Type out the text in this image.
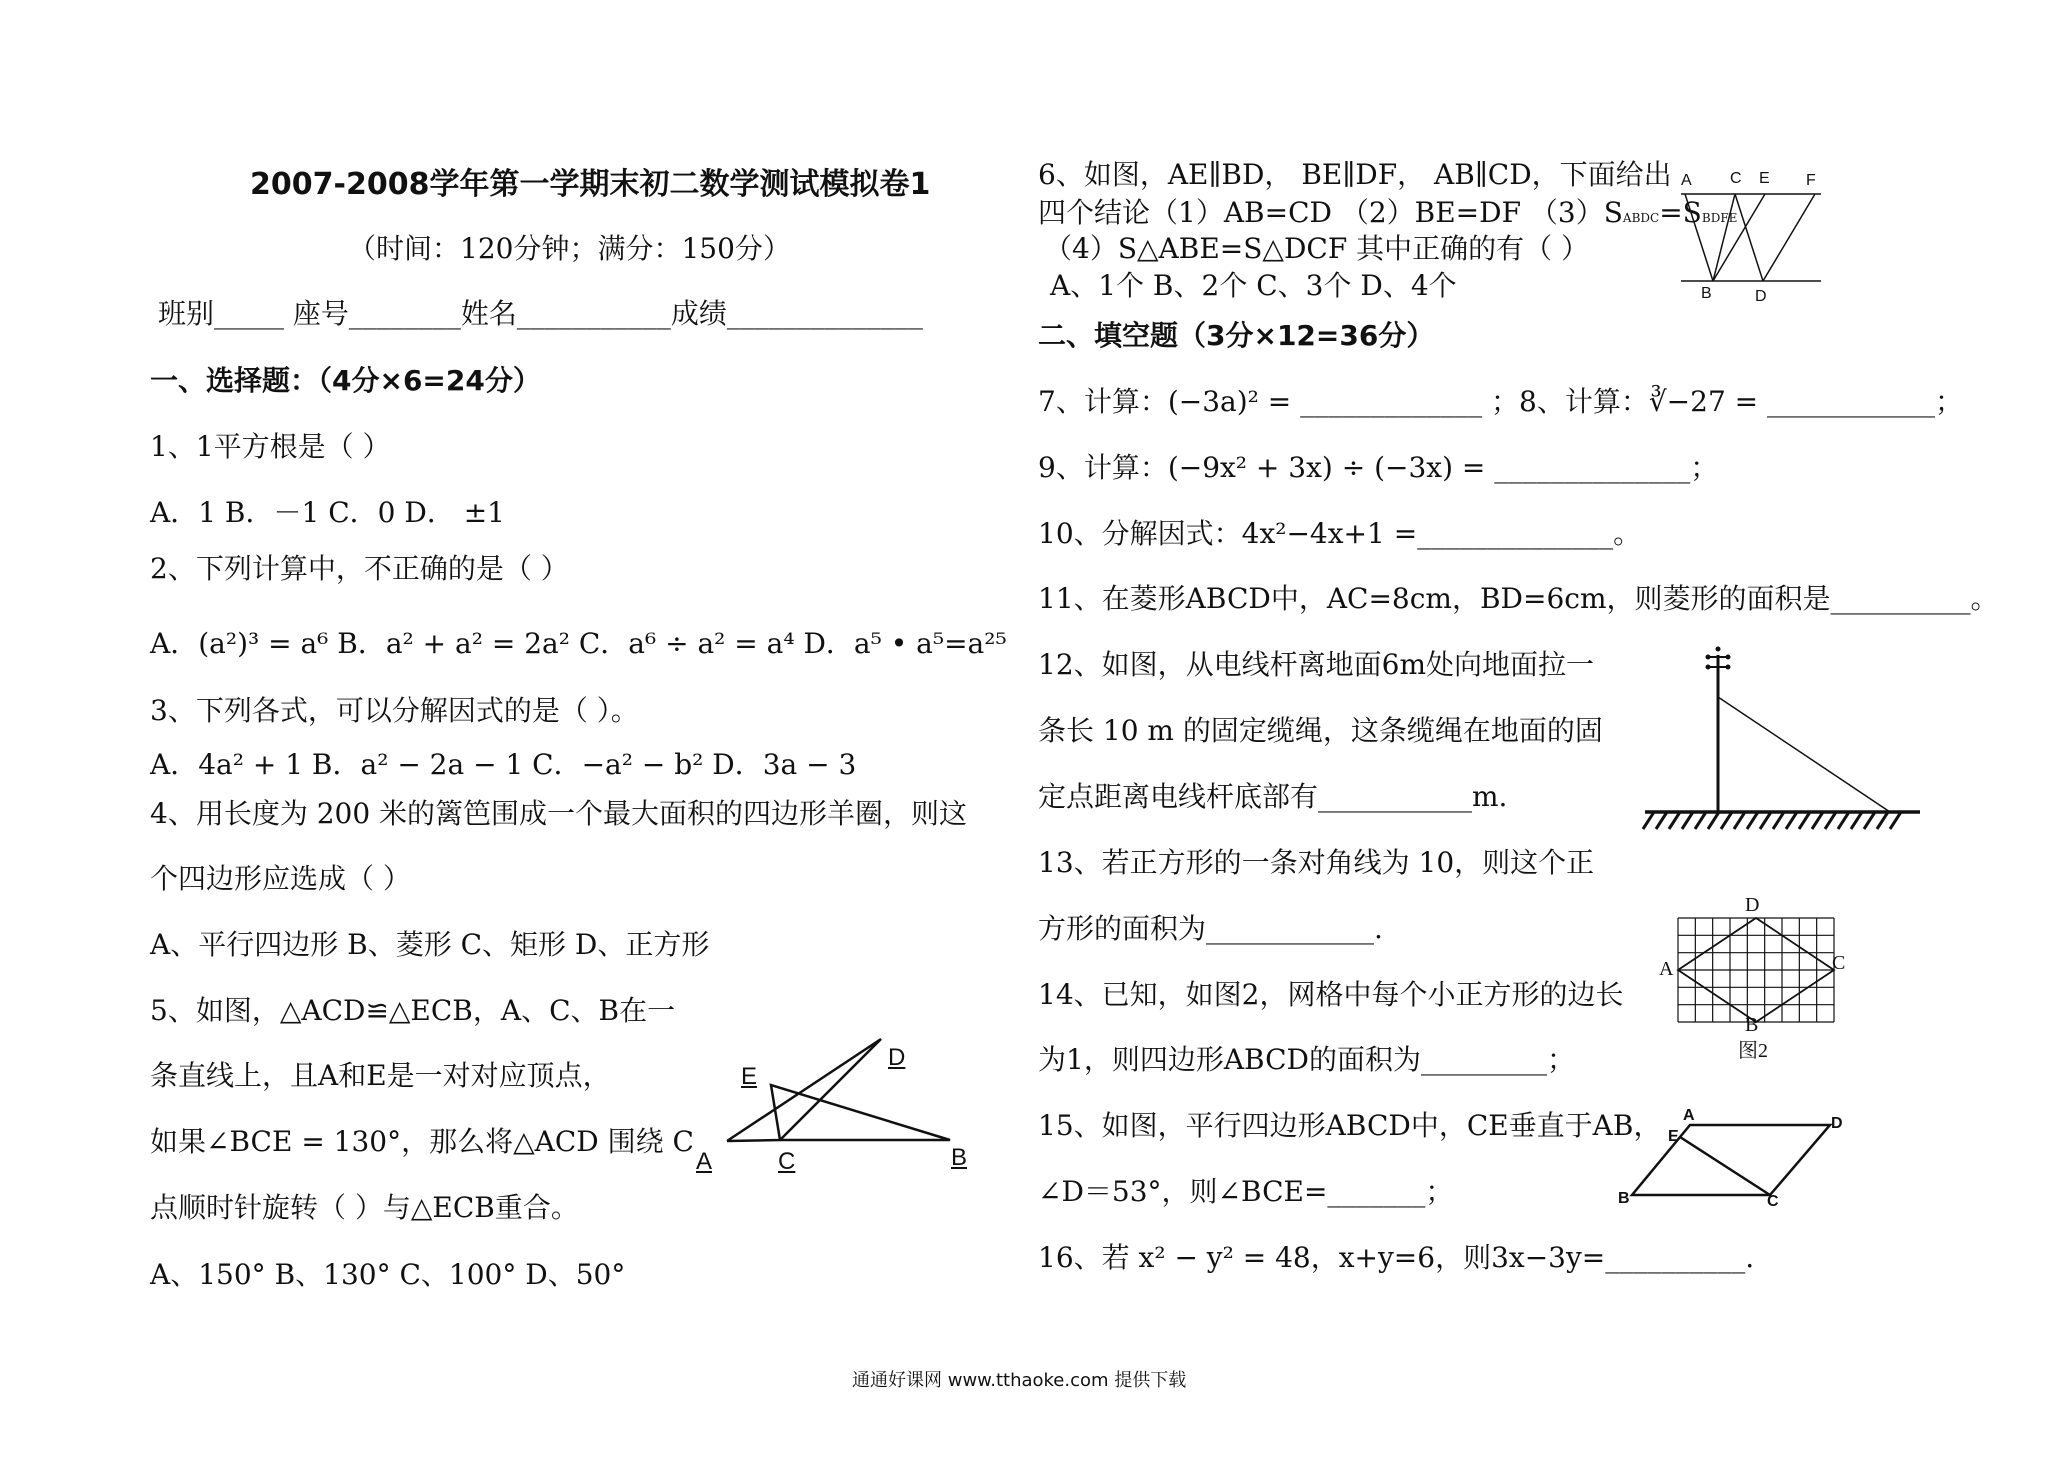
2007-2008学年第一学期末初二数学测试模拟卷1
（时间：120分钟；满分：150分）
班别_____ 座号________姓名___________成绩______________
一、选择题：（4分×6=24分）
1、1平方根是（ ）
A．1 B．－1 C．0 D． ±1
2、下列计算中，不正确的是（ ）
A．(a²)³ = a⁶ B．a² + a² = 2a² C．a⁶ ÷ a² = a⁴ D．a⁵ • a⁵=a²⁵
3、下列各式，可以分解因式的是（ ）。
A．4a² + 1 B．a² − 2a − 1 C．−a² − b² D．3a − 3
4、用长度为 200 米的篱笆围成一个最大面积的四边形羊圈，则这
个四边形应选成（ ）
A、平行四边形 B、菱形 C、矩形 D、正方形
5、如图，△ACD≌△ECB，A、C、B在一
条直线上，且A和E是一对对应顶点，
如果∠BCE = 130°，那么将△ACD 围绕 C
点顺时针旋转（ ）与△ECB重合。
A、150° B、130° C、100° D、50°
E
D
A	C	B
6、如图，AE∥BD， BE∥DF， AB∥CD，下面给出
四个结论（1）AB=CD （2）BE=DF （3）SABDC=SBDFE
（4）S△ABE=S△DCF 其中正确的有（ ）
A、1个 B、2个 C、3个 D、4个
A C E F
B	D
二、填空题（3分×12=36分）
7、计算：(−3a)² = _____________ ；8、计算：∛−27 = ____________；
9、计算：(−9x² + 3x) ÷ (−3x) = ______________；
10、分解因式：4x²−4x+1 =______________。
11、在菱形ABCD中，AC=8cm，BD=6cm，则菱形的面积是__________。
12、如图，从电线杆离地面6m处向地面拉一
条长 10 m 的固定缆绳，这条缆绳在地面的固
定点距离电线杆底部有___________m.
13、若正方形的一条对角线为 10，则这个正
方形的面积为____________.
D
A	C
B
图2
14、已知，如图2，网格中每个小正方形的边长
为1，则四边形ABCD的面积为_________；
15、如图，平行四边形ABCD中，CE垂直于AB，
∠D＝53°，则∠BCE=_______；
A	D
E
B	C
16、若 x² − y² = 48，x+y=6，则3x−3y=__________.
通通好课网 www.tthaoke.com 提供下载
